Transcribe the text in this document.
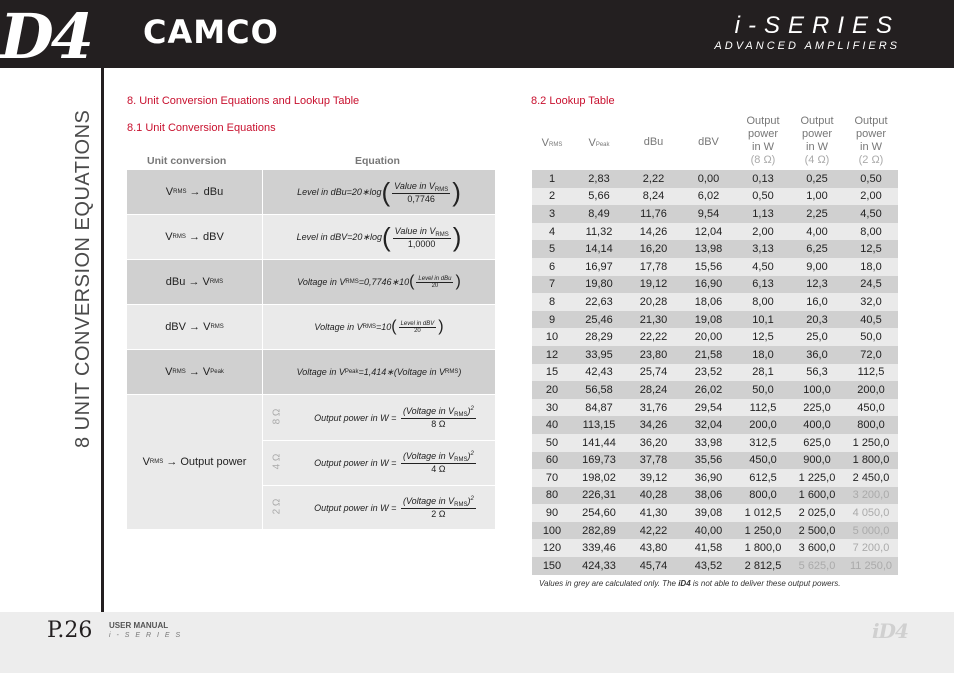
D4 CAMCO	i-SERIES
ADVANCED AMPLIFIERS
8 UNIT CONVERSION EQUATIONS
8. Unit Conversion Equations and Lookup Table
8.1 Unit Conversion Equations
Unit conversion	Equation
V RMS
→
dBu	Level in dBu =20∗log ( $\frac{Value in V_{RMS}}{0,7746}$ )
V RMS
→
dBV	Level in dBV =20∗log ( $\frac{Value in V_{RMS}}{1,0000}$ )
dBu
→
V RMS	Voltage in V RMS =0,7746∗10 ( $\frac{\text{Level in dBu}}{20}$ )
dBV
→
V RMS	Voltage in V RMS =10 ( $\frac{\text{Level in dBV}}{20}$ )
V RMS
→
V Peak	Voltage in V Peak =1,414∗(Voltage in V RMS )
V RMS
→
Output power
8 Ω	Output power in W =
$\frac{(Voltage in V_{RMS})^2}{8 \Omega}$
4 Ω	Output power in W =
$\frac{(Voltage in V_{RMS})^2}{4 \Omega}$
2 Ω	Output power in W =
$\frac{(Voltage in V_{RMS})^2}{2 \Omega}$
8.2 Lookup Table
VRMS	VPeak	dBu	dBV
Output
power
in W
(8 Ω)
Output
power
in W
(4 Ω)
Output
power
in W
(2 Ω)
1	2,83	2,22	0,00	0,13	0,25	0,50
2	5,66	8,24	6,02	0,50	1,00	2,00
3	8,49	11,76	9,54	1,13	2,25	4,50
4	11,32	14,26	12,04	2,00	4,00	8,00
5	14,14	16,20	13,98	3,13	6,25	12,5
6	16,97	17,78	15,56	4,50	9,00	18,0
7	19,80	19,12	16,90	6,13	12,3	24,5
8	22,63	20,28	18,06	8,00	16,0	32,0
9	25,46	21,30	19,08	10,1	20,3	40,5
10	28,29	22,22	20,00	12,5	25,0	50,0
12	33,95	23,80	21,58	18,0	36,0	72,0
15	42,43	25,74	23,52	28,1	56,3	112,5
20	56,58	28,24	26,02	50,0	100,0	200,0
30	84,87	31,76	29,54	112,5	225,0	450,0
40	113,15	34,26	32,04	200,0	400,0	800,0
50	141,44	36,20	33,98	312,5	625,0	1 250,0
60	169,73	37,78	35,56	450,0	900,0	1 800,0
70	198,02	39,12	36,90	612,5	1 225,0	2 450,0
80	226,31	40,28	38,06	800,0	1 600,0	3 200,0
90	254,60	41,30	39,08	1 012,5	2 025,0	4 050,0
100	282,89	42,22	40,00	1 250,0	2 500,0	5 000,0
120	339,46	43,80	41,58	1 800,0	3 600,0	7 200,0
150	424,33	45,74	43,52	2 812,5	5 625,0	11 250,0
Values in grey are calculated only. The iD4 is not able to deliver these output powers.
P.26 USER MANUAL
i - S E R I E S	iD4
